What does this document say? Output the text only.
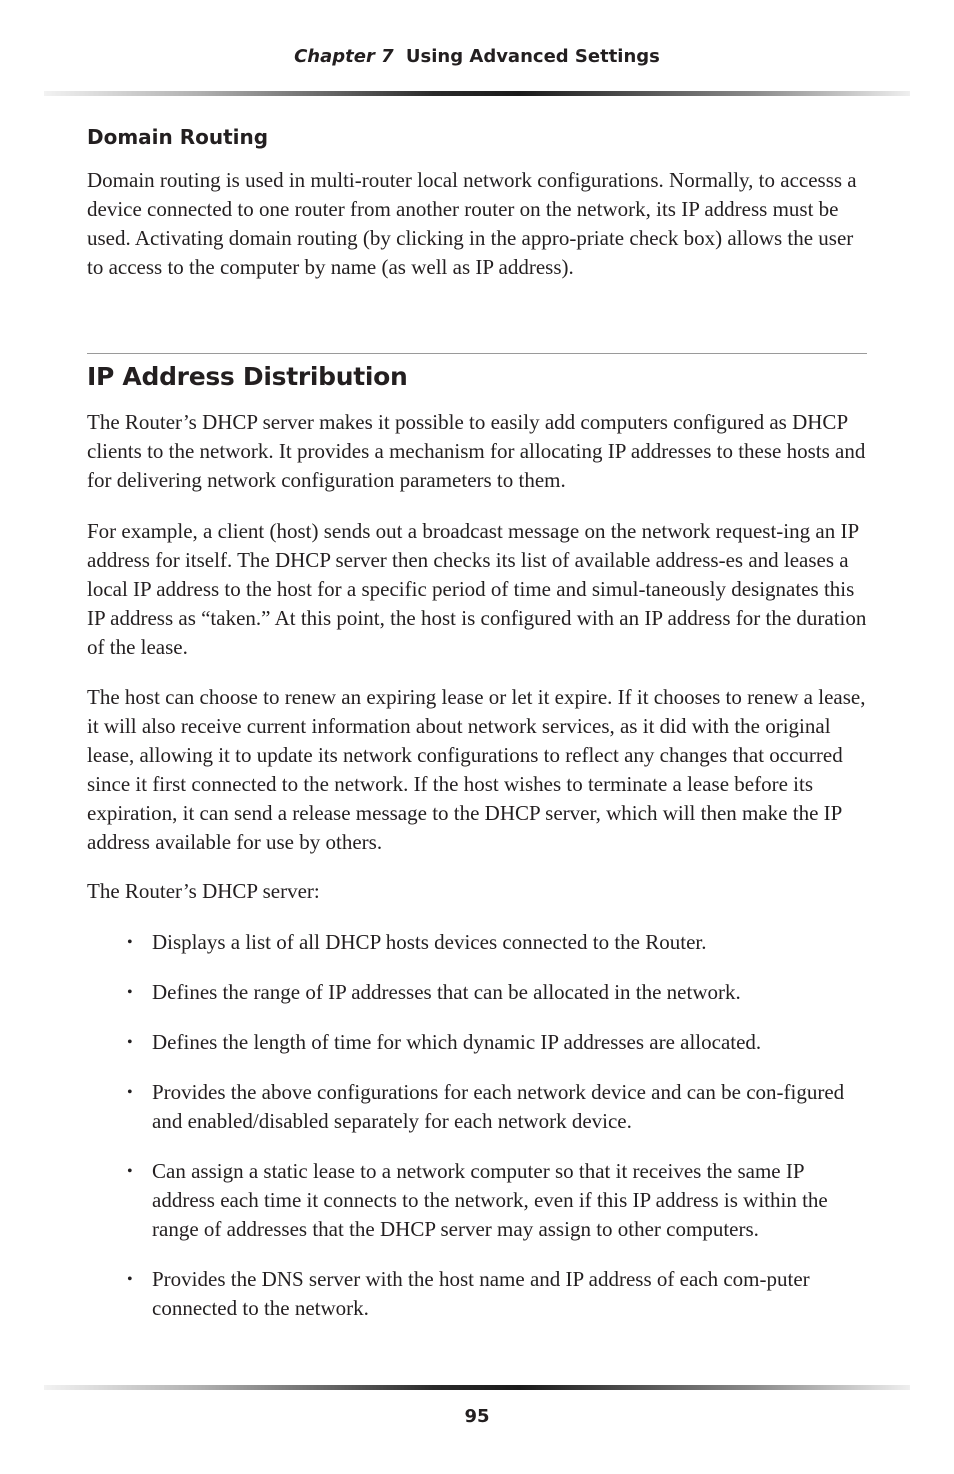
Chapter 7 Using Advanced Settings
Domain Routing

Domain routing is used in multi-router local network configurations. Normally, to accesss a device connected to one router from another router on the network, its IP address must be used. Activating domain routing (by clicking in the appro-priate check box) allows the user to access to the computer by name (as well as IP address).

IP Address Distribution

The Router’s DHCP server makes it possible to easily add computers configured as DHCP clients to the network. It provides a mechanism for allocating IP addresses to these hosts and for delivering network configuration parameters to them.

For example, a client (host) sends out a broadcast message on the network request-ing an IP address for itself. The DHCP server then checks its list of available address-es and leases a local IP address to the host for a specific period of time and simul-taneously designates this IP address as “taken.” At this point, the host is configured with an IP address for the duration of the lease.

The host can choose to renew an expiring lease or let it expire. If it chooses to renew a lease, it will also receive current information about network services, as it did with the original lease, allowing it to update its network configurations to reflect any changes that occurred since it first connected to the network. If the host wishes to terminate a lease before its expiration, it can send a release message to the DHCP server, which will then make the IP address available for use by others.

The Router’s DHCP server:

• Displays a list of all DHCP hosts devices connected to the Router.
• Defines the range of IP addresses that can be allocated in the network.
• Defines the length of time for which dynamic IP addresses are allocated.
• Provides the above configurations for each network device and can be con-figured and enabled/disabled separately for each network device.
• Can assign a static lease to a network computer so that it receives the same IP address each time it connects to the network, even if this IP address is within the range of addresses that the DHCP server may assign to other computers.
• Provides the DNS server with the host name and IP address of each com-puter connected to the network.
95
